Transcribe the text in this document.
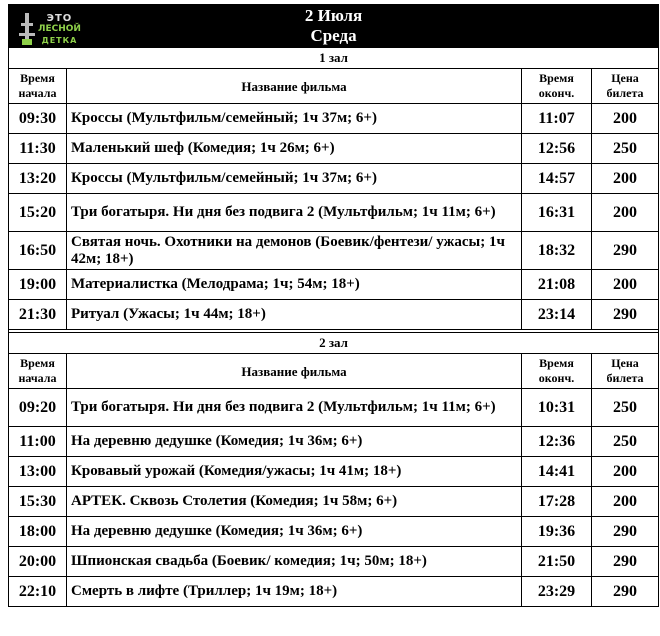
ЭТО
ЛЕСНОЙ
ДЕТКА
2 Июля
Среда			

1 зал			
Время начала	Название фильма	Время оконч.	Цена билета
09:30	Кроссы (Мультфильм/семейный; 1ч 37м; 6+)	11:07	200
11:30	Маленький шеф (Комедия; 1ч 26м; 6+)	12:56	250
13:20	Кроссы (Мультфильм/семейный; 1ч 37м; 6+)	14:57	200
15:20	Три богатыря. Ни дня без подвига 2 (Мультфильм; 1ч 11м; 6+)	16:31	200
16:50	Святая ночь. Охотники на демонов (Боевик/фентези/ ужасы; 1ч 42м; 18+)	18:32	290
19:00	Материалистка (Мелодрама; 1ч; 54м; 18+)	21:08	200
21:30	Ритуал (Ужасы; 1ч 44м; 18+)	23:14	290

2 зал			
Время начала	Название фильма	Время оконч.	Цена билета
09:20	Три богатыря. Ни дня без подвига 2 (Мультфильм; 1ч 11м; 6+)	10:31	250
11:00	На деревню дедушке (Комедия; 1ч 36м; 6+)	12:36	250
13:00	Кровавый урожай (Комедия/ужасы; 1ч 41м; 18+)	14:41	200
15:30	АРТЕК. Сквозь Столетия (Комедия; 1ч 58м; 6+)	17:28	200
18:00	На деревню дедушке (Комедия; 1ч 36м; 6+)	19:36	290
20:00	Шпионская свадьба (Боевик/ комедия; 1ч; 50м; 18+)	21:50	290
22:10	Смерть в лифте (Триллер; 1ч 19м; 18+)	23:29	290
